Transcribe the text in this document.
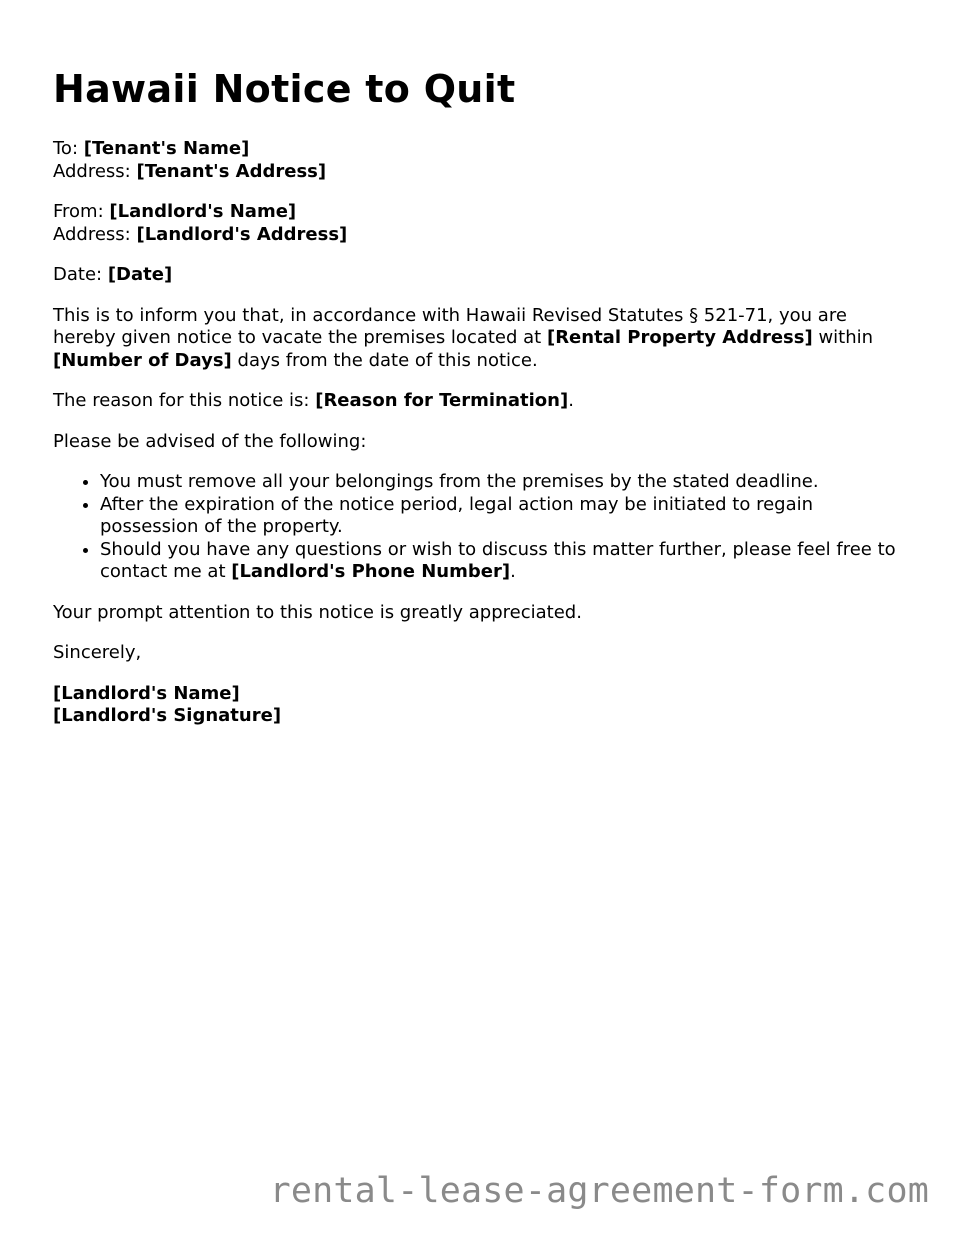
Hawaii Notice to Quit

To: [Tenant's Name]

Address: [Tenant's Address]

From: [Landlord's Name]

Address: [Landlord's Address]

Date: [Date]

This is to inform you that, in accordance with Hawaii Revised Statutes § 521-71, you are hereby given notice to vacate the premises located at [Rental Property Address] within [Number of Days] days from the date of this notice.

The reason for this notice is: [Reason for Termination].

Please be advised of the following:

• You must remove all your belongings from the premises by the stated deadline.
• After the expiration of the notice period, legal action may be initiated to regain possession of the property.
• Should you have any questions or wish to discuss this matter further, please feel free to contact me at [Landlord's Phone Number].

Your prompt attention to this notice is greatly appreciated.

Sincerely,

[Landlord's Name]

[Landlord's Signature]

rental-lease-agreement-form.com
